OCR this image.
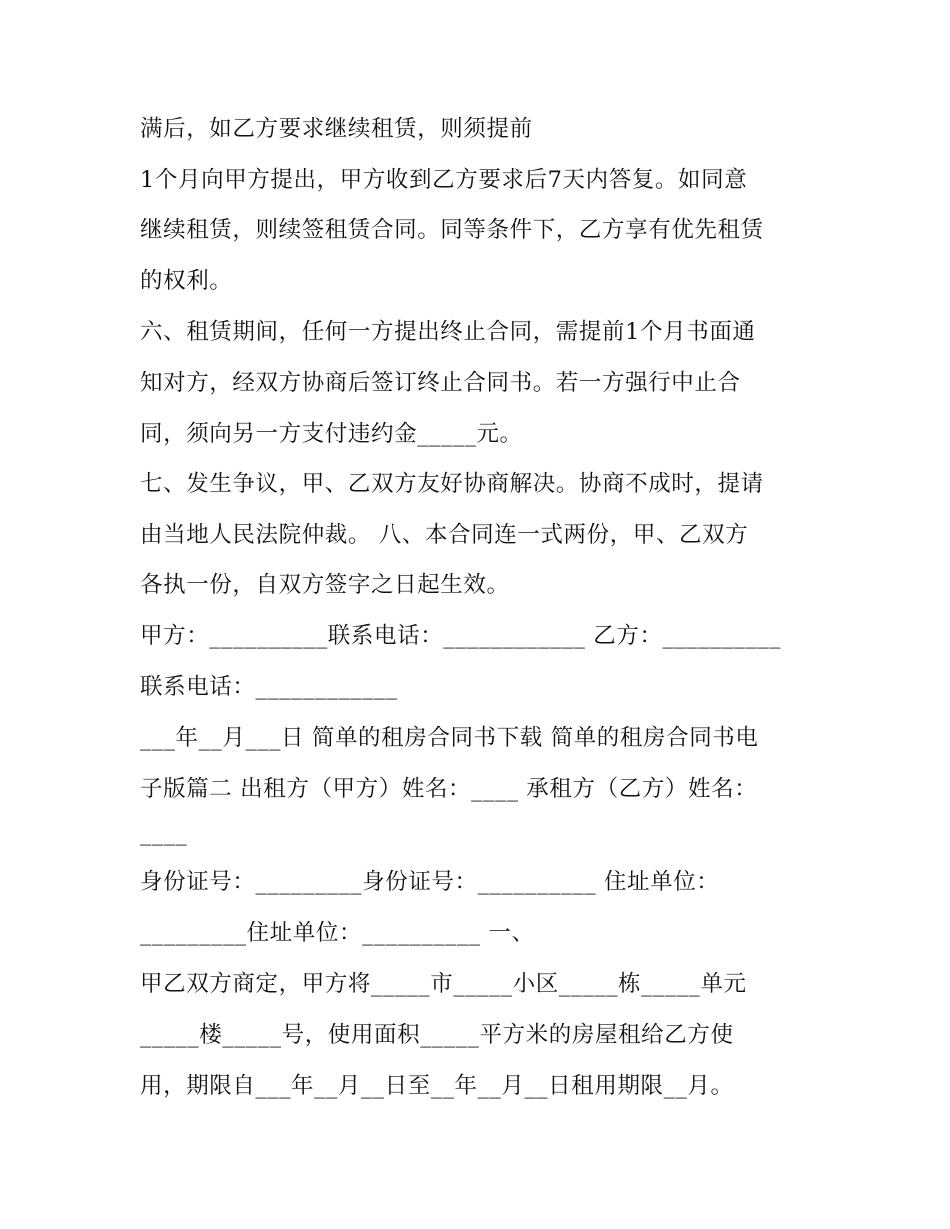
满后，如乙方要求继续租赁，则须提前
1个月向甲方提出，甲方收到乙方要求后7天内答复。如同意
继续租赁，则续签租赁合同。同等条件下，乙方享有优先租赁
的权利。
六、租赁期间，任何一方提出终止合同，需提前1个月书面通
知对方，经双方协商后签订终止合同书。若一方强行中止合
同，须向另一方支付违约金_____元。
七、发生争议，甲、乙双方友好协商解决。协商不成时，提请
由当地人民法院仲裁。 八、本合同连一式两份，甲、乙双方
各执一份，自双方签字之日起生效。
甲方：__________联系电话：____________ 乙方：__________
联系电话：____________
___年__月___日 简单的租房合同书下载 简单的租房合同书电
子版篇二 出租方（甲方）姓名：____ 承租方（乙方）姓名：
____
身份证号：_________身份证号：__________ 住址单位：
_________住址单位：__________ 一、
甲乙双方商定，甲方将_____市_____小区_____栋_____单元
_____楼_____号，使用面积_____平方米的房屋租给乙方使
用，期限自___年__月__日至__年__月__日租用期限__月。
